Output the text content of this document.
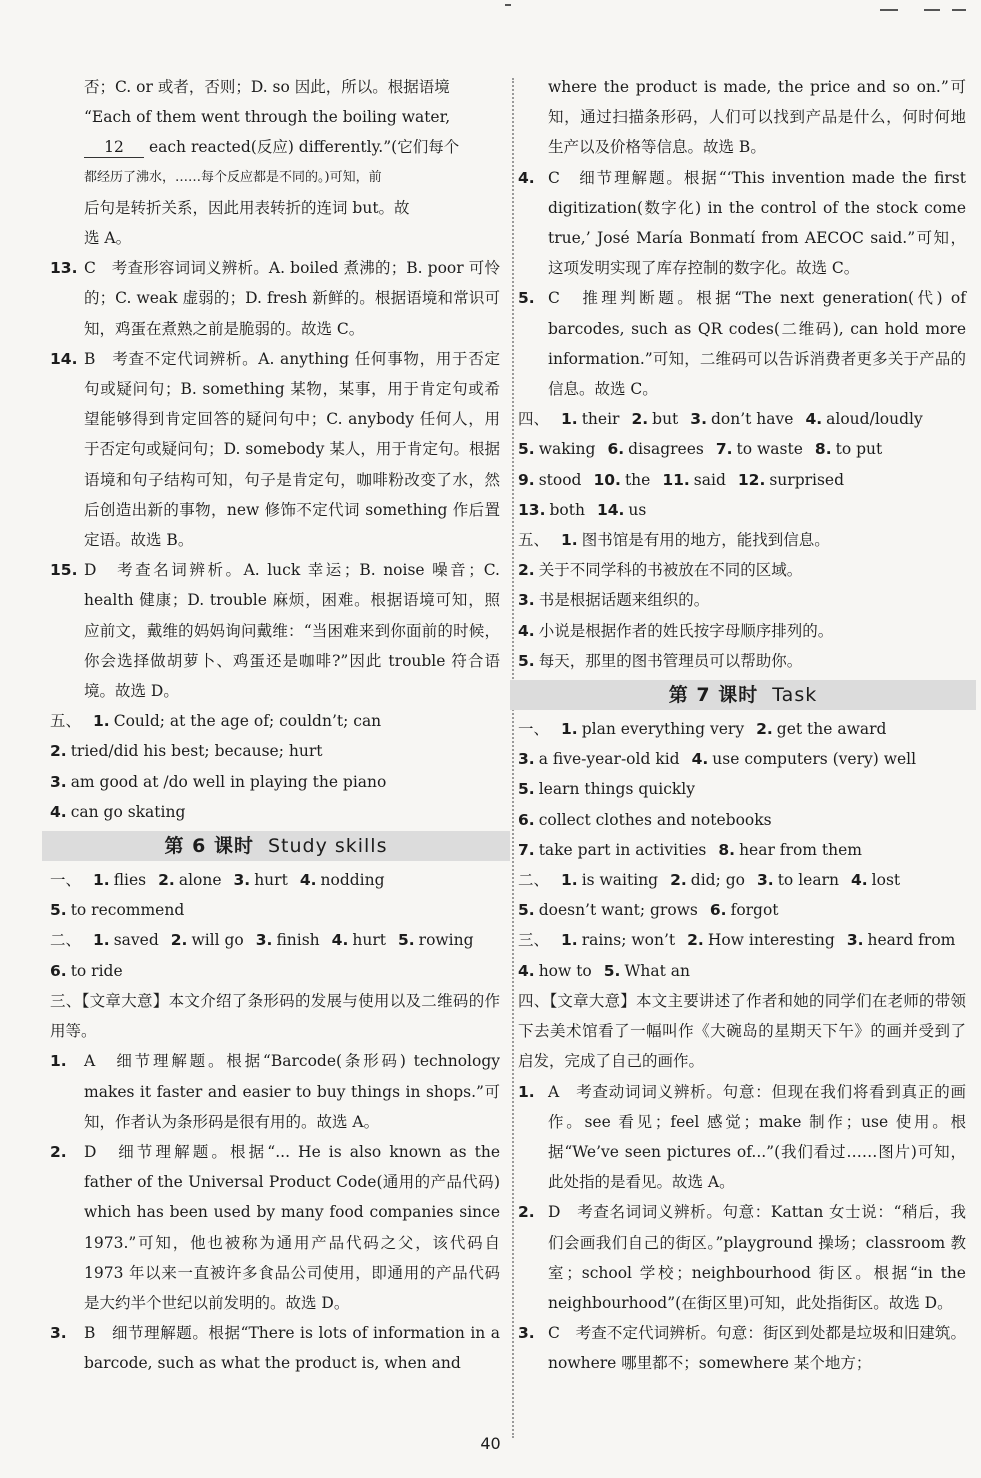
否；C. or 或者，否则；D. so 因此，所以。根据语境
“Each of them went through the boiling water,
12 each reacted(反应) differently.”(它们每个
都经历了沸水，……每个反应都是不同的。)可知，前
后句是转折关系，因此用表转折的连词 but。故
选 A。
13. C　考查形容词词义辨析。A. boiled 煮沸的；B. poor 可怜的；C. weak 虚弱的；D. fresh 新鲜的。根据语境和常识可知，鸡蛋在煮熟之前是脆弱的。故选 C。
14. B　考查不定代词辨析。A. anything 任何事物，用于否定句或疑问句；B. something 某物，某事，用于肯定句或希望能够得到肯定回答的疑问句中；C. anybody 任何人，用于否定句或疑问句；D. somebody 某人，用于肯定句。根据语境和句子结构可知，句子是肯定句，咖啡粉改变了水，然后创造出新的事物，new 修饰不定代词 something 作后置定语。故选 B。
15. D　考查名词辨析。A. luck 幸运；B. noise 噪音；C. health 健康；D. trouble 麻烦，困难。根据语境可知，照应前文，戴维的妈妈询问戴维：“当困难来到你面前的时候，你会选择做胡萝卜、鸡蛋还是咖啡?”因此 trouble 符合语境。故选 D。
五、 1. Could; at the age of; couldn’t; can
2. tried/did his best; because; hurt
3. am good at /do well in playing the piano
4. can go skating
第 6 课时 Study skills
一、 1. flies 2. alone 3. hurt 4. nodding
5. to recommend
二、 1. saved 2. will go 3. finish 4. hurt 5. rowing
6. to ride
三、【文章大意】本文介绍了条形码的发展与使用以及二维码的作用等。
1.	A　细节理解题。根据“Barcode(条形码) technology makes it faster and easier to buy things in shops.”可知，作者认为条形码是很有用的。故选 A。
2.	D　细节理解题。根据“... He is also known as the father of the Universal Product Code(通用的产品代码) which has been used by many food companies since 1973.”可知，他也被称为通用产品代码之父，该代码自 1973 年以来一直被许多食品公司使用，即通用的产品代码是大约半个世纪以前发明的。故选 D。
3.	B　细节理解题。根据“There is lots of information in a barcode, such as what the product is, when and
where the product is made, the price and so on.”可知，通过扫描条形码，人们可以找到产品是什么，何时何地生产以及价格等信息。故选 B。
4. C　细节理解题。根据“‘This invention made the first digitization(数字化) in the control of the stock come true,’ José María Bonmatí from AECOC said.”可知，这项发明实现了库存控制的数字化。故选 C。
5. C　推理判断题。根据“The next generation(代) of barcodes, such as QR codes(二维码), can hold more information.”可知，二维码可以告诉消费者更多关于产品的信息。故选 C。
四、 1. their 2. but 3. don’t have 4. aloud/loudly
5. waking 6. disagrees 7. to waste 8. to put
9. stood 10. the 11. said 12. surprised
13. both 14. us
五、 1. 图书馆是有用的地方，能找到信息。
2. 关于不同学科的书被放在不同的区域。
3. 书是根据话题来组织的。
4. 小说是根据作者的姓氏按字母顺序排列的。
5. 每天，那里的图书管理员可以帮助你。
第 7 课时 Task
一、 1. plan everything very 2. get the award
3. a five-year-old kid 4. use computers (very) well
5. learn things quickly
6. collect clothes and notebooks
7. take part in activities 8. hear from them
二、 1. is waiting 2. did; go 3. to learn 4. lost
5. doesn’t want; grows 6. forgot
三、 1. rains; won’t 2. How interesting 3. heard from
4. how to 5. What an
四、【文章大意】本文主要讲述了作者和她的同学们在老师的带领下去美术馆看了一幅叫作《大碗岛的星期天下午》的画并受到了启发，完成了自己的画作。
1. A　考查动词词义辨析。句意：但现在我们将看到真正的画作。see 看见；feel 感觉；make 制作；use 使用。根据“We’ve seen pictures of...”(我们看过……图片)可知，此处指的是看见。故选 A。
2. D　考查名词词义辨析。句意：Kattan 女士说：“稍后，我们会画我们自己的街区。”playground 操场；classroom 教室；school 学校；neighbourhood 街区。根据“in the neighbourhood”(在街区里)可知，此处指街区。故选 D。
3. C　考查不定代词辨析。句意：街区到处都是垃圾和旧建筑。nowhere 哪里都不；somewhere 某个地方；
40
